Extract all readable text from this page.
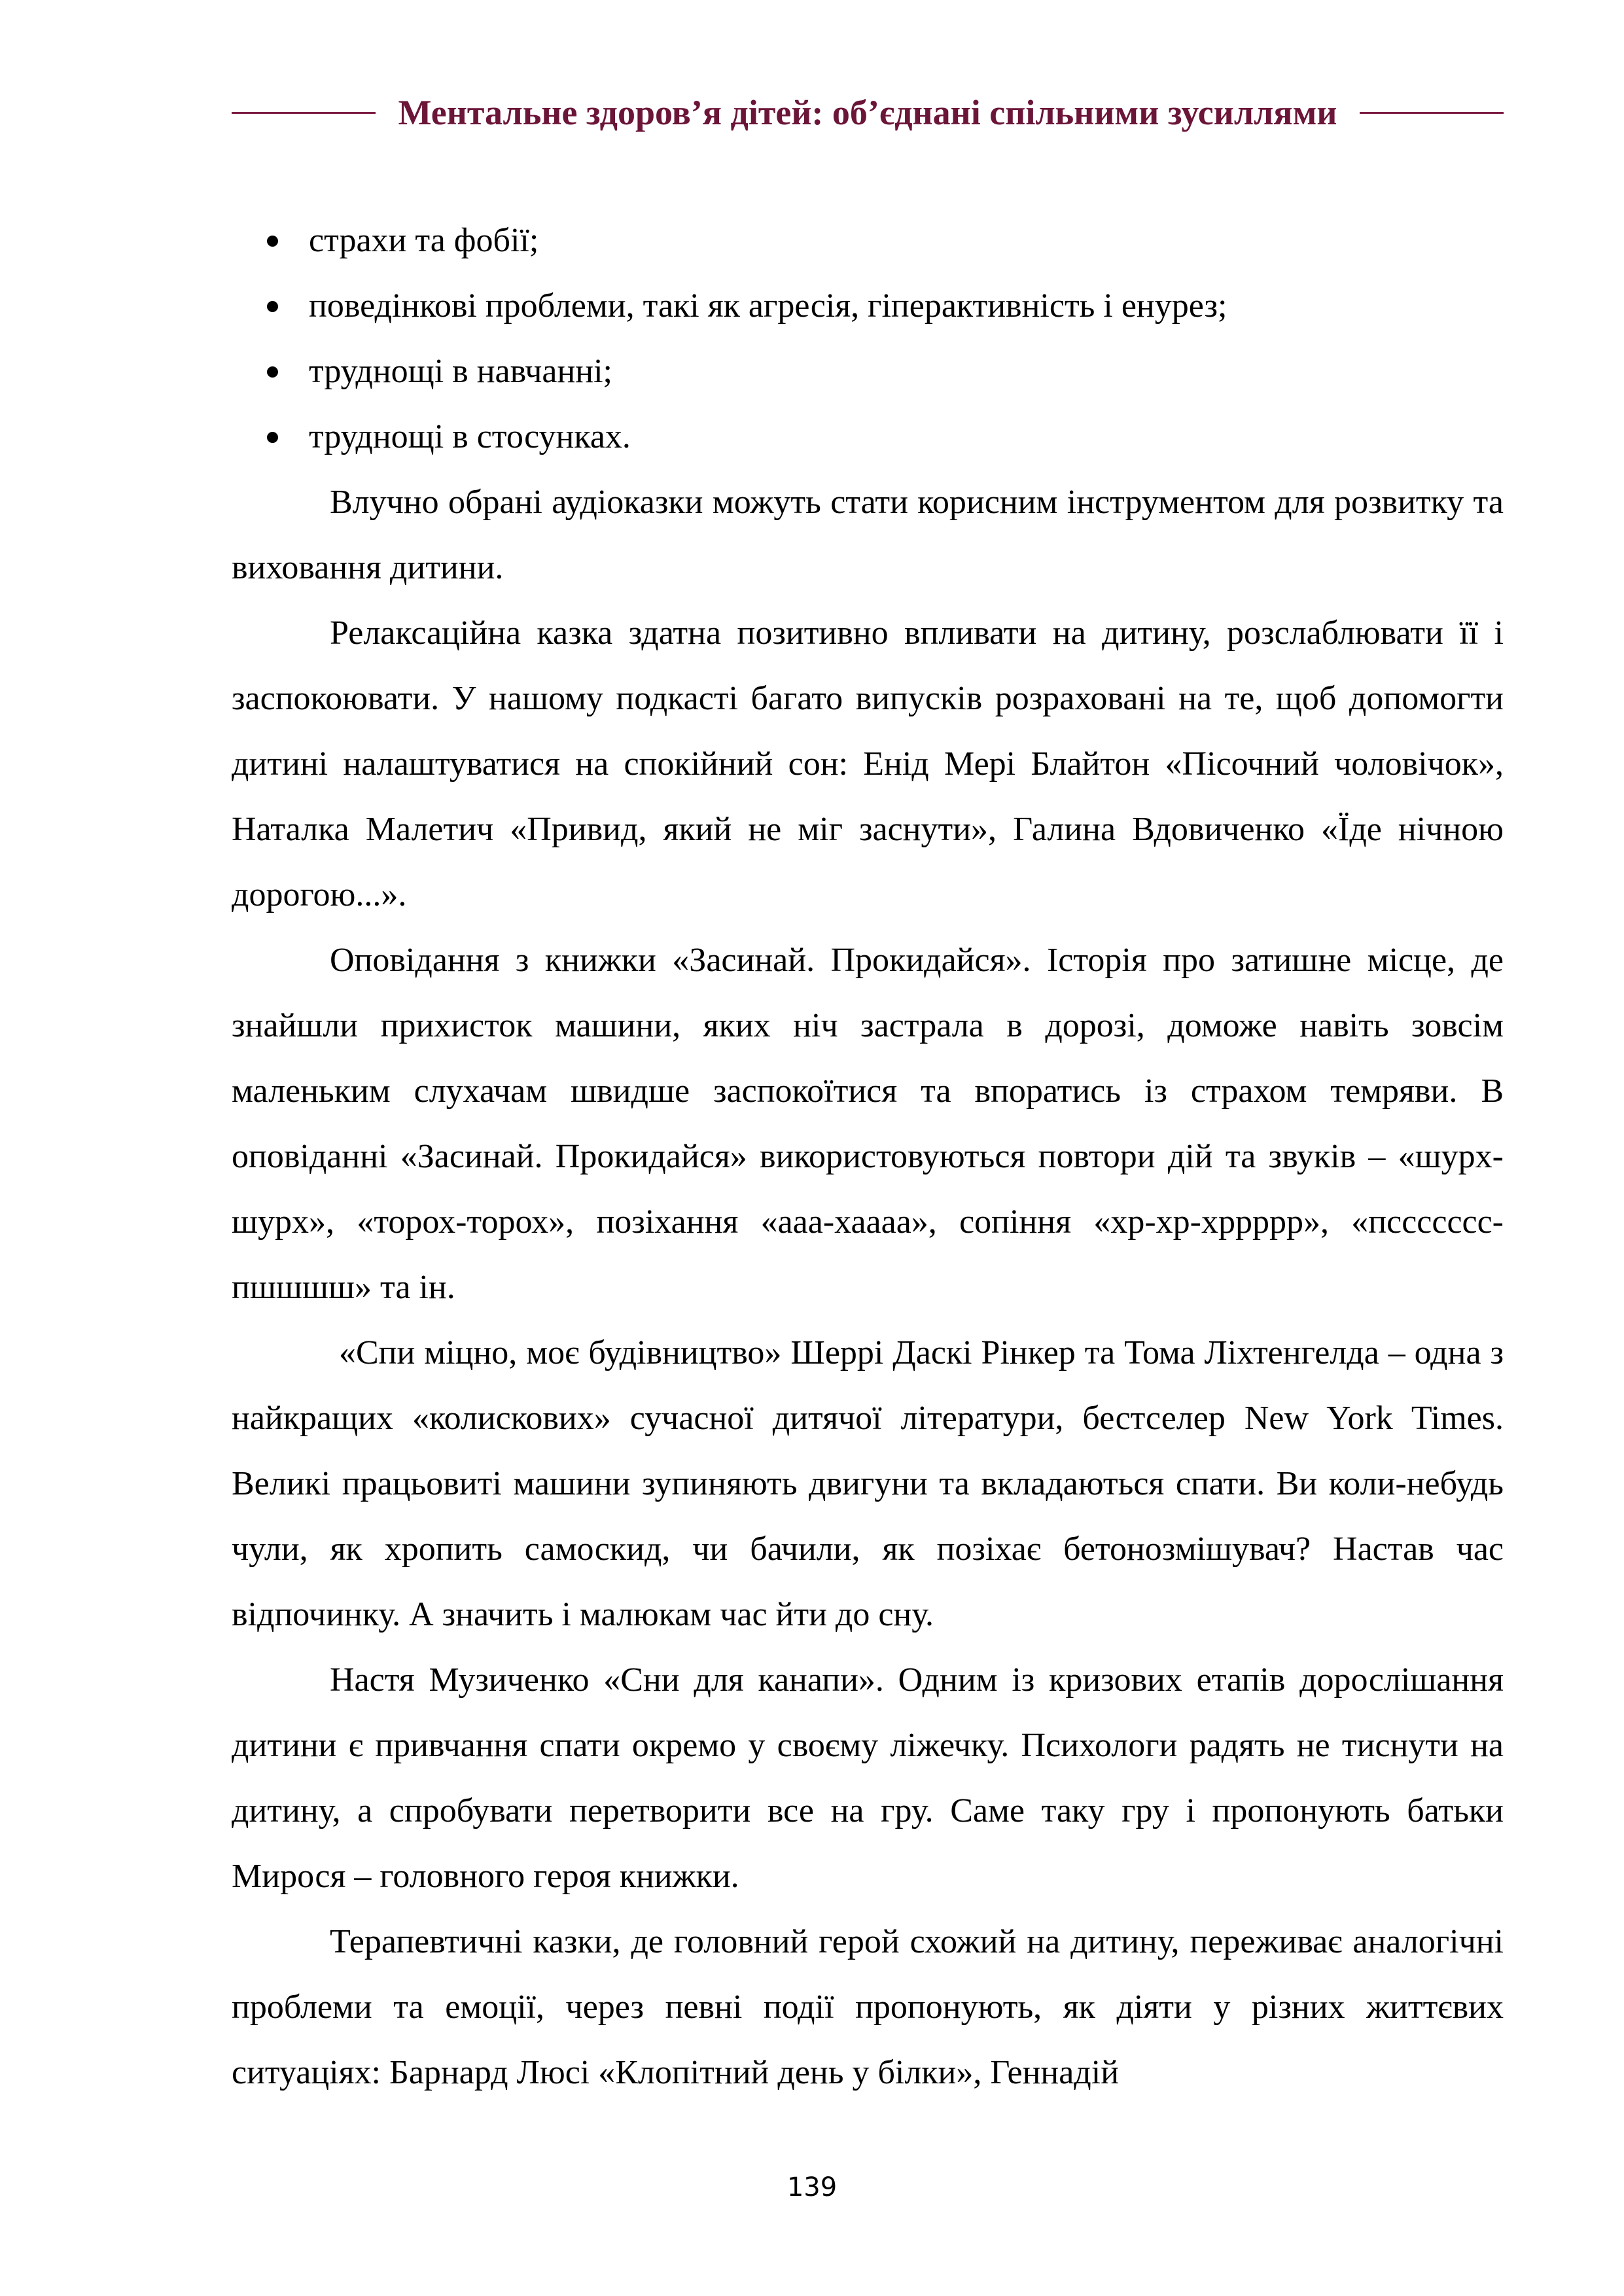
Ментальне здоров’я дітей: об’єднані спільними зусиллями
страхи та фобії;
поведінкові проблеми, такі як агресія, гіперактивність і енурез;
труднощі в навчанні;
труднощі в стосунках.

Влучно обрані аудіоказки можуть стати корисним інструментом для розвитку та виховання дитини.

Релаксаційна казка здатна позитивно впливати на дитину, розслаблювати її і заспокоювати. У нашому подкасті багато випусків розраховані на те, щоб допомогти дитині налаштуватися на спокійний сон: Енід Мері Блайтон «Пісочний чоловічок», Наталка Малетич «Привид, який не міг заснути», Галина Вдовиченко «Їде нічною дорогою...».

Оповідання з книжки «Засинай. Прокидайся». Історія про затишне місце, де знайшли прихисток машини, яких ніч застрала в дорозі, доможе навіть зовсім маленьким слухачам швидше заспокоїтися та впоратись із страхом темряви. В оповіданні «Засинай. Прокидайся» використовуються повтори дій та звуків – «шурх-шурх», «торох-торох», позіхання «ааа-хаааа», сопіння «хр-хр-хррррр», «пссссссс-пшшшш» та ін.

«Спи міцно, моє будівництво» Шеррі Даскі Рінкер та Тома Ліхтенгелда – одна з найкращих «колискових» сучасної дитячої літератури, бестселер New York Times. Великі працьовиті машини зупиняють двигуни та вкладаються спати. Ви коли-небудь чули, як хропить самоскид, чи бачили, як позіхає бетонозмішувач? Настав час відпочинку. А значить і малюкам час йти до сну.

Настя Музиченко «Сни для канапи». Одним із кризових етапів дорослішання дитини є привчання спати окремо у своєму ліжечку. Психологи радять не тиснути на дитину, а спробувати перетворити все на гру. Саме таку гру і пропонують батьки Мирося – головного героя книжки.

Терапевтичні казки, де головний герой схожий на дитину, переживає аналогічні проблеми та емоції, через певні події пропонують, як діяти у різних життєвих ситуаціях: Барнард Люсі «Клопітний день у білки», Геннадій

139
